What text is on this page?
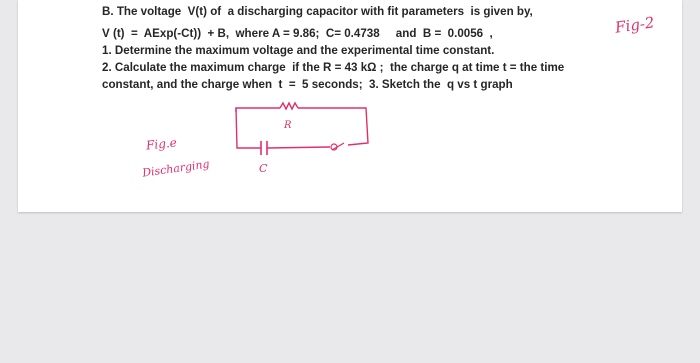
B. The voltage  V(t) of  a discharging capacitor with fit parameters  is given by,
V (t)  =  AExp(-Ct))  + B,  where A = 9.86;  C= 0.4738     and  B =  0.0056  ,
1. Determine the maximum voltage and the experimental time constant.
2. Calculate the maximum charge  if the R = 43 kΩ ;  the charge q at time t = the time
constant, and the charge when  t  =  5 seconds;  3. Sketch the  q vs t graph
Fig-2
Fig.e
Discharging
R
C
